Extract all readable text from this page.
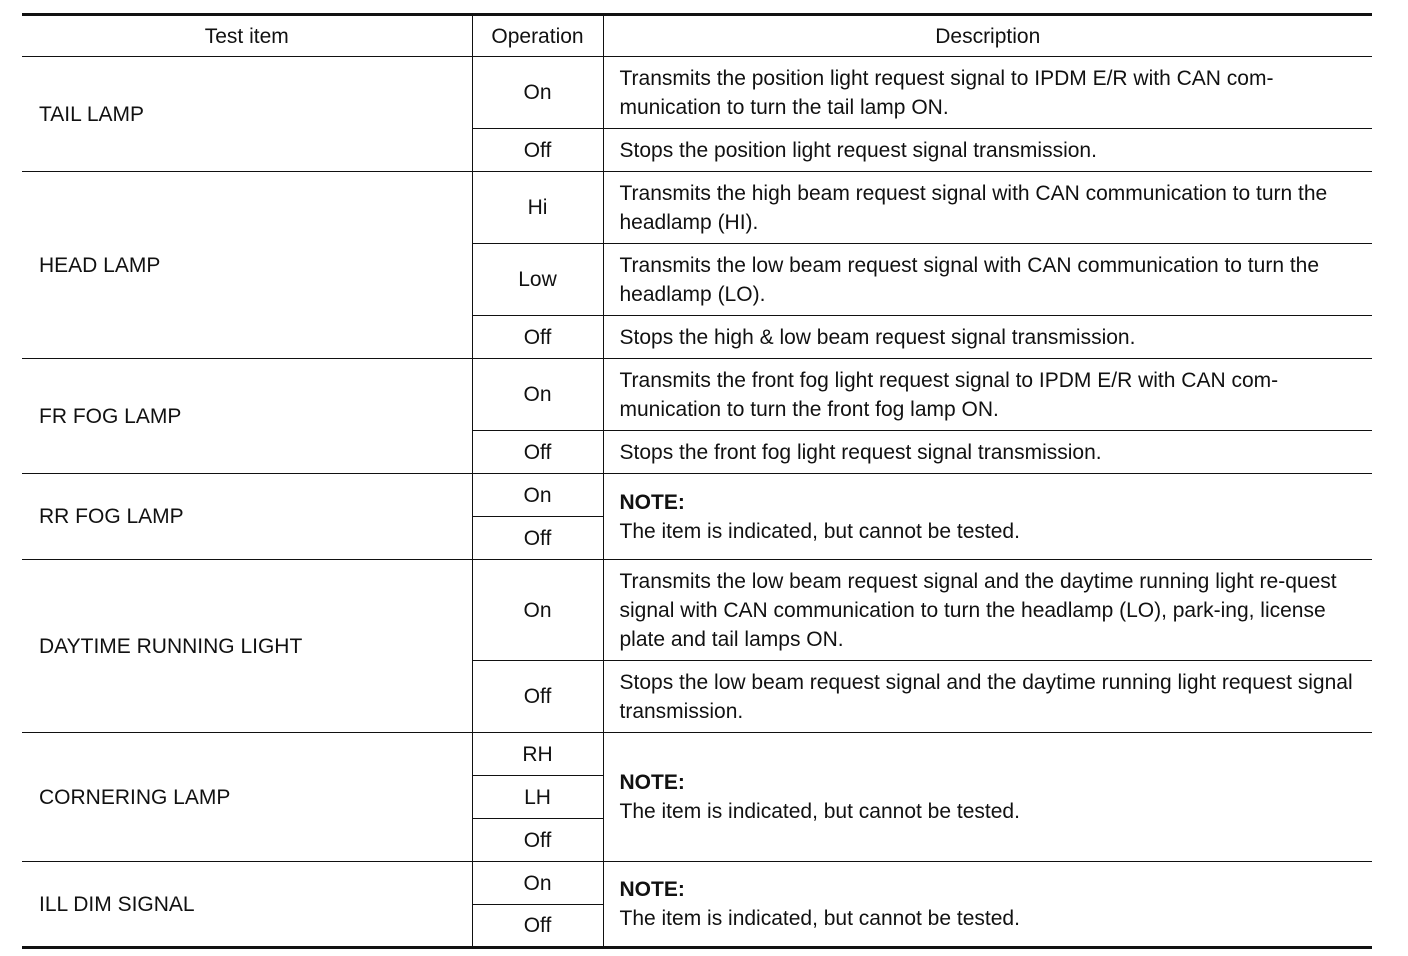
Test item	Operation	Description
TAIL LAMP	On	Transmits the position light request signal to IPDM E/R with CAN com-munication to turn the tail lamp ON.

	Off	Stops the position light request signal transmission.

HEAD LAMP	Hi	Transmits the high beam request signal with CAN communication to turn the headlamp (HI).

	Low	Transmits the low beam request signal with CAN communication to turn the headlamp (LO).

	Off	Stops the high & low beam request signal transmission.

FR FOG LAMP	On	Transmits the front fog light request signal to IPDM E/R with CAN com-munication to turn the front fog lamp ON.

	Off	Stops the front fog light request signal transmission.

RR FOG LAMP	On	NOTE:
The item is indicated, but cannot be tested.

	Off	
DAYTIME RUNNING LIGHT	On	Transmits the low beam request signal and the daytime running light re-quest signal with CAN communication to turn the headlamp (LO), park-ing, license plate and tail lamps ON.

	Off	Stops the low beam request signal and the daytime running light request signal transmission.

CORNERING LAMP	RH	NOTE:
The item is indicated, but cannot be tested.

	LH	
	Off	
ILL DIM SIGNAL	On	NOTE:
The item is indicated, but cannot be tested.

	Off	
